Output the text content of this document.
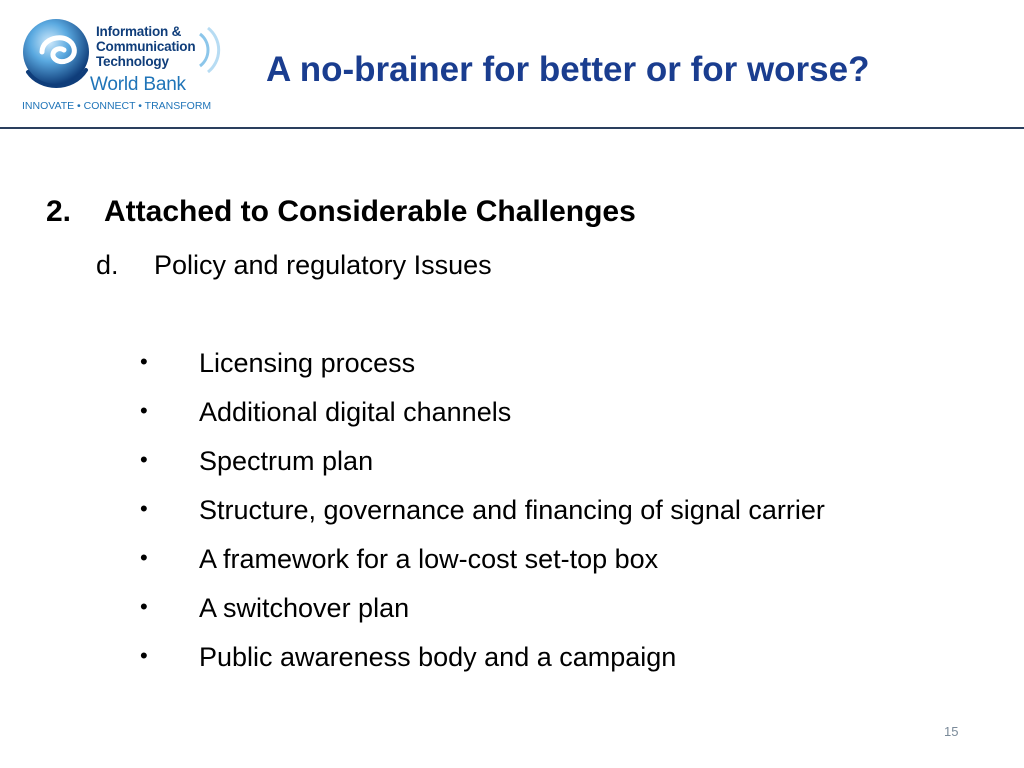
Information &
Communication
Technology
World Bank
INNOVATE • CONNECT • TRANSFORM
A no-brainer for better or for worse?
2. Attached to Considerable Challenges
d. Policy and regulatory Issues
•	Licensing process
•	Additional digital channels
•	Spectrum plan
•	Structure, governance and financing of signal carrier
•	A framework for a low-cost set-top box
•	A switchover plan
•	Public awareness body and a campaign
15
